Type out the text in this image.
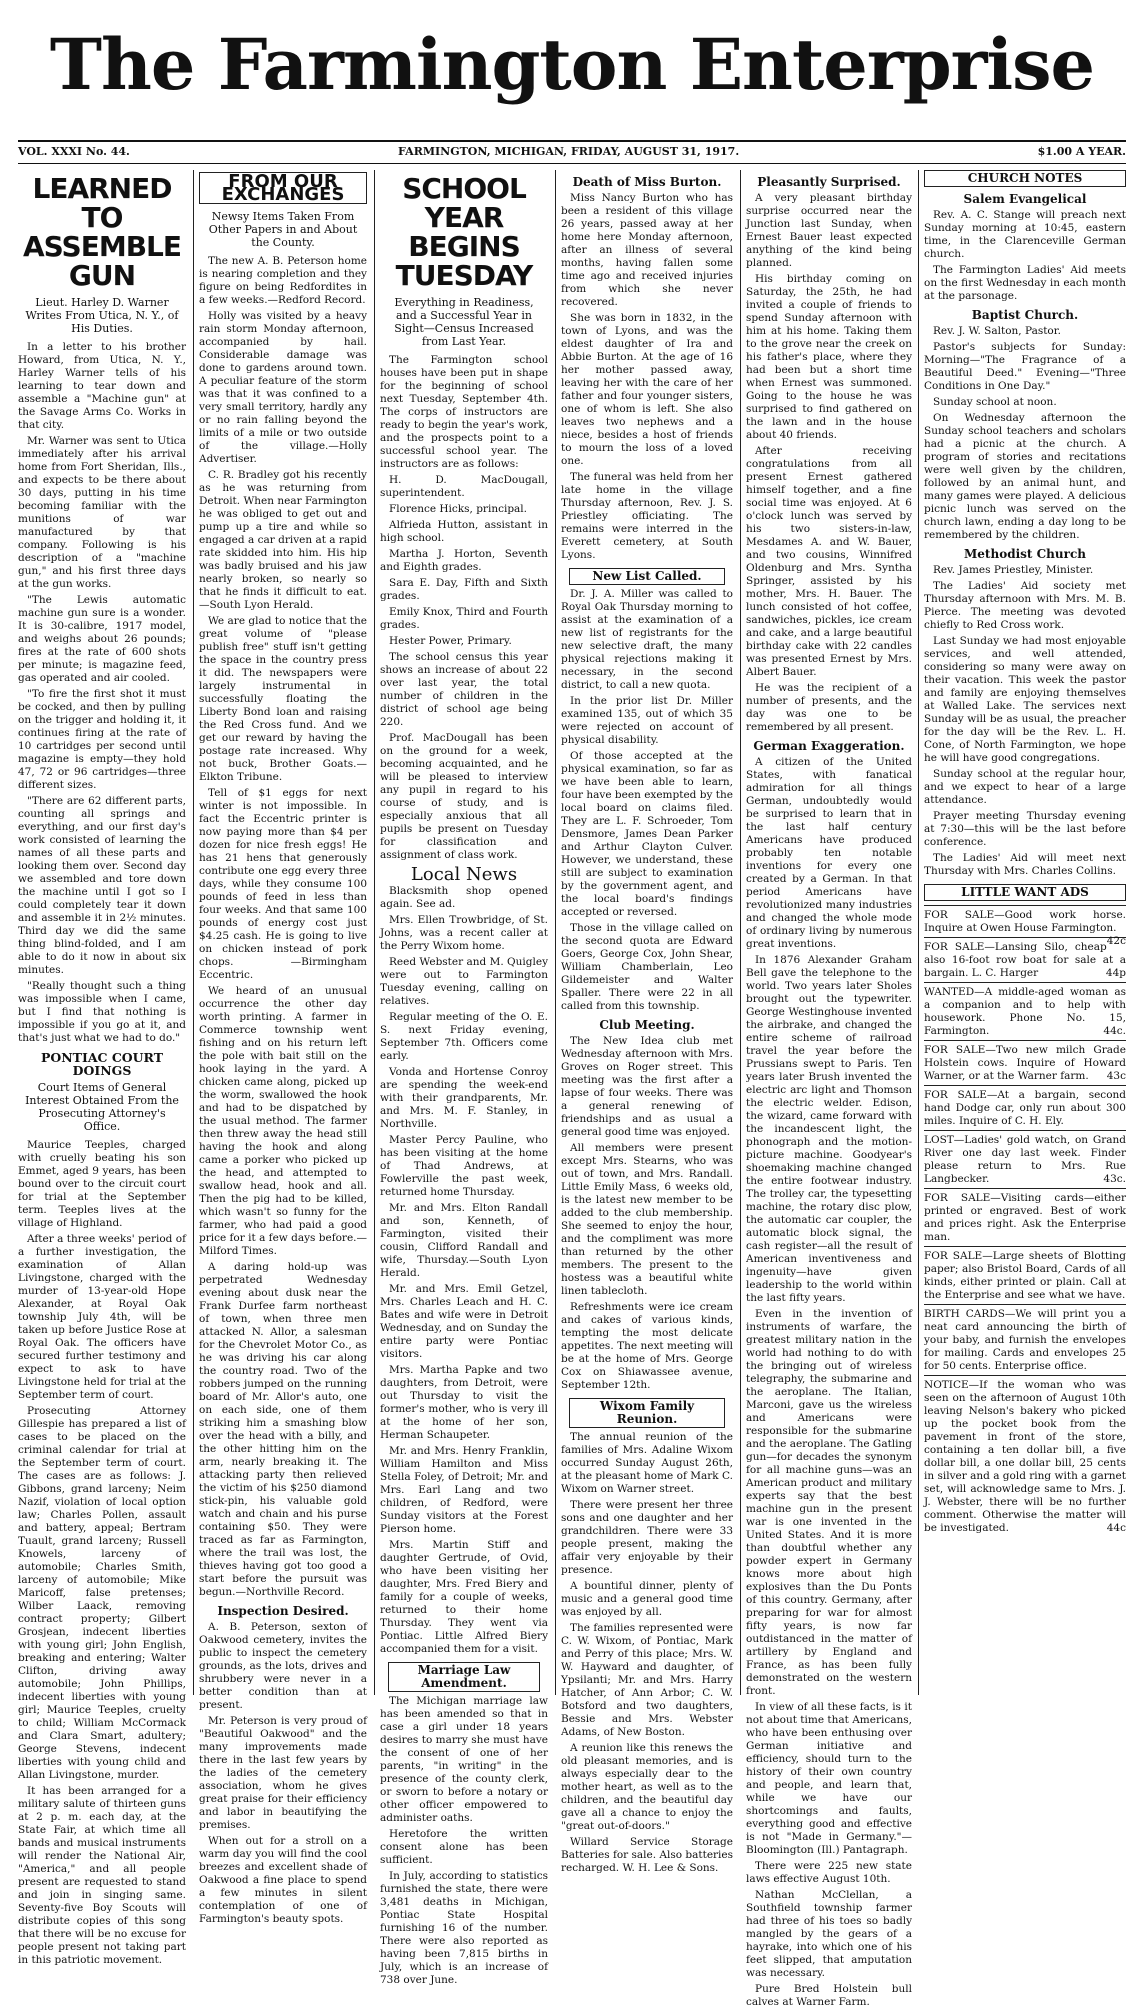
The Farmington Enterprise
VOL. XXXI No. 44.	FARMINGTON, MICHIGAN, FRIDAY, AUGUST 31, 1917.	$1.00 A YEAR.
LEARNED TO ASSEMBLE GUN
Lieut. Harley D. Warner Writes From Utica, N. Y., of His Duties.

In a letter to his brother Howard, from Utica, N. Y., Harley Warner tells of his learning to tear down and assemble a "Machine gun" at the Savage Arms Co. Works in that city.

Mr. Warner was sent to Utica immediately after his arrival home from Fort Sheridan, Ills., and expects to be there about 30 days, putting in his time becoming familiar with the munitions of war manufactured by that company. Following is his description of a "machine gun," and his first three days at the gun works.

"The Lewis automatic machine gun sure is a wonder. It is 30-calibre, 1917 model, and weighs about 26 pounds; fires at the rate of 600 shots per minute; is magazine feed, gas operated and air cooled.

"To fire the first shot it must be cocked, and then by pulling on the trigger and holding it, it continues firing at the rate of 10 cartridges per second until magazine is empty—they hold 47, 72 or 96 cartridges—three different sizes.

"There are 62 different parts, counting all springs and everything, and our first day's work consisted of learning the names of all these parts and looking them over. Second day we assembled and tore down the machine until I got so I could completely tear it down and assemble it in 2½ minutes. Third day we did the same thing blind-folded, and I am able to do it now in about six minutes.

"Really thought such a thing was impossible when I came, but I find that nothing is impossible if you go at it, and that's just what we had to do."

PONTIAC COURT DOINGS
Court Items of General Interest Obtained From the Prosecuting Attorney's Office.

Maurice Teeples, charged with cruelly beating his son Emmet, aged 9 years, has been bound over to the circuit court for trial at the September term. Teeples lives at the village of Highland.

After a three weeks' period of a further investigation, the examination of Allan Livingstone, charged with the murder of 13-year-old Hope Alexander, at Royal Oak township July 4th, will be taken up before Justice Rose at Royal Oak. The officers have secured further testimony and expect to ask to have Livingstone held for trial at the September term of court.

Prosecuting Attorney Gillespie has prepared a list of cases to be placed on the criminal calendar for trial at the September term of court. The cases are as follows: J. Gibbons, grand larceny; Neim Nazif, violation of local option law; Charles Pollen, assault and battery, appeal; Bertram Tuault, grand larceny; Russell Knowels, larceny of automobile; Charles Smith, larceny of automobile; Mike Maricoff, false pretenses; Wilber Laack, removing contract property; Gilbert Grosjean, indecent liberties with young girl; John English, breaking and entering; Walter Clifton, driving away automobile; John Phillips, indecent liberties with young girl; Maurice Teeples, cruelty to child; William McCormack and Clara Smart, adultery; George Stevens, indecent liberties with young child and Allan Livingstone, murder.

It has been arranged for a military salute of thirteen guns at 2 p. m. each day, at the State Fair, at which time all bands and musical instruments will render the National Air, "America," and all people present are requested to stand and join in singing same. Seventy-five Boy Scouts will distribute copies of this song that there will be no excuse for people present not taking part in this patriotic movement.

FROM OUR EXCHANGES
Newsy Items Taken From Other Papers in and About the County.

The new A. B. Peterson home is nearing completion and they figure on being Redfordites in a few weeks.—Redford Record.

Holly was visited by a heavy rain storm Monday afternoon, accompanied by hail. Considerable damage was done to gardens around town. A peculiar feature of the storm was that it was confined to a very small territory, hardly any or no rain falling beyond the limits of a mile or two outside of the village.—Holly Advertiser.

C. R. Bradley got his recently as he was returning from Detroit. When near Farmington he was obliged to get out and pump up a tire and while so engaged a car driven at a rapid rate skidded into him. His hip was badly bruised and his jaw nearly broken, so nearly so that he finds it difficult to eat.—South Lyon Herald.

We are glad to notice that the great volume of "please publish free" stuff isn't getting the space in the country press it did. The newspapers were largely instrumental in successfully floating the Liberty Bond loan and raising the Red Cross fund. And we get our reward by having the postage rate increased. Why not buck, Brother Goats.—Elkton Tribune.

Tell of $1 eggs for next winter is not impossible. In fact the Eccentric printer is now paying more than $4 per dozen for nice fresh eggs! He has 21 hens that generously contribute one egg every three days, while they consume 100 pounds of feed in less than four weeks. And that same 100 pounds of energy cost just $4.25 cash. He is going to live on chicken instead of pork chops. —Birmingham Eccentric.

We heard of an unusual occurrence the other day worth printing. A farmer in Commerce township went fishing and on his return left the pole with bait still on the hook laying in the yard. A chicken came along, picked up the worm, swallowed the hook and had to be dispatched by the usual method. The farmer then threw away the head still having the hook and along came a porker who picked up the head, and attempted to swallow head, hook and all. Then the pig had to be killed, which wasn't so funny for the farmer, who had paid a good price for it a few days before.—Milford Times.

A daring hold-up was perpetrated Wednesday evening about dusk near the Frank Durfee farm northeast of town, when three men attacked N. Allor, a salesman for the Chevrolet Motor Co., as he was driving his car along the country road. Two of the robbers jumped on the running board of Mr. Allor's auto, one on each side, one of them striking him a smashing blow over the head with a billy, and the other hitting him on the arm, nearly breaking it. The attacking party then relieved the victim of his $250 diamond stick-pin, his valuable gold watch and chain and his purse containing $50. They were traced as far as Farmington, where the trail was lost, the thieves having got too good a start before the pursuit was begun.—Northville Record.

Inspection Desired.

A. B. Peterson, sexton of Oakwood cemetery, invites the public to inspect the cemetery grounds, as the lots, drives and shrubbery were never in a better condition than at present.

Mr. Peterson is very proud of "Beautiful Oakwood" and the many improvements made there in the last few years by the ladies of the cemetery association, whom he gives great praise for their efficiency and labor in beautifying the premises.

When out for a stroll on a warm day you will find the cool breezes and excellent shade of Oakwood a fine place to spend a few minutes in silent contemplation of one of Farmington's beauty spots.

SCHOOL YEAR BEGINS TUESDAY
Everything in Readiness, and a Successful Year in Sight—Census Increased from Last Year.

The Farmington school houses have been put in shape for the beginning of school next Tuesday, September 4th. The corps of instructors are ready to begin the year's work, and the prospects point to a successful school year. The instructors are as follows:

H. D. MacDougall, superintendent.

Florence Hicks, principal.

Alfrieda Hutton, assistant in high school.

Martha J. Horton, Seventh and Eighth grades.

Sara E. Day, Fifth and Sixth grades.

Emily Knox, Third and Fourth grades.

Hester Power, Primary.

The school census this year shows an increase of about 22 over last year, the total number of children in the district of school age being 220.

Prof. MacDougall has been on the ground for a week, becoming acquainted, and he will be pleased to interview any pupil in regard to his course of study, and is especially anxious that all pupils be present on Tuesday for classification and assignment of class work.

Local News

Blacksmith shop opened again. See ad.

Mrs. Ellen Trowbridge, of St. Johns, was a recent caller at the Perry Wixom home.

Reed Webster and M. Quigley were out to Farmington Tuesday evening, calling on relatives.

Regular meeting of the O. E. S. next Friday evening, September 7th. Officers come early.

Vonda and Hortense Conroy are spending the week-end with their grandparents, Mr. and Mrs. M. F. Stanley, in Northville.

Master Percy Pauline, who has been visiting at the home of Thad Andrews, at Fowlerville the past week, returned home Thursday.

Mr. and Mrs. Elton Randall and son, Kenneth, of Farmington, visited their cousin, Clifford Randall and wife, Thursday.—South Lyon Herald.

Mr. and Mrs. Emil Getzel, Mrs. Charles Leach and H. C. Bates and wife were in Detroit Wednesday, and on Sunday the entire party were Pontiac visitors.

Mrs. Martha Papke and two daughters, from Detroit, were out Thursday to visit the former's mother, who is very ill at the home of her son, Herman Schaupeter.

Mr. and Mrs. Henry Franklin, William Hamilton and Miss Stella Foley, of Detroit; Mr. and Mrs. Earl Lang and two children, of Redford, were Sunday visitors at the Forest Pierson home.

Mrs. Martin Stiff and daughter Gertrude, of Ovid, who have been visiting her daughter, Mrs. Fred Biery and family for a couple of weeks, returned to their home Thursday. They went via Pontiac. Little Alfred Biery accompanied them for a visit.

Marriage Law Amendment.

The Michigan marriage law has been amended so that in case a girl under 18 years desires to marry she must have the consent of one of her parents, "in writing" in the presence of the county clerk, or sworn to before a notary or other officer empowered to administer oaths.

Heretofore the written consent alone has been sufficient.

In July, according to statistics furnished the state, there were 3,481 deaths in Michigan, Pontiac State Hospital furnishing 16 of the number. There were also reported as having been 7,815 births in July, which is an increase of 738 over June.

Death of Miss Burton.

Miss Nancy Burton who has been a resident of this village 26 years, passed away at her home here Monday afternoon, after an illness of several months, having fallen some time ago and received injuries from which she never recovered.

She was born in 1832, in the town of Lyons, and was the eldest daughter of Ira and Abbie Burton. At the age of 16 her mother passed away, leaving her with the care of her father and four younger sisters, one of whom is left. She also leaves two nephews and a niece, besides a host of friends to mourn the loss of a loved one.

The funeral was held from her late home in the village Thursday afternoon, Rev. J. S. Priestley officiating. The remains were interred in the Everett cemetery, at South Lyons.

New List Called.

Dr. J. A. Miller was called to Royal Oak Thursday morning to assist at the examination of a new list of registrants for the new selective draft, the many physical rejections making it necessary, in the second district, to call a new quota.

In the prior list Dr. Miller examined 135, out of which 35 were rejected on account of physical disability.

Of those accepted at the physical examination, so far as we have been able to learn, four have been exempted by the local board on claims filed. They are L. F. Schroeder, Tom Densmore, James Dean Parker and Arthur Clayton Culver. However, we understand, these still are subject to examination by the government agent, and the local board's findings accepted or reversed.

Those in the village called on the second quota are Edward Goers, George Cox, John Shear, William Chamberlain, Leo Gildemeister and Walter Spaller. There were 22 in all called from this township.

Club Meeting.

The New Idea club met Wednesday afternoon with Mrs. Groves on Roger street. This meeting was the first after a lapse of four weeks. There was a general renewing of friendships and as usual a general good time was enjoyed.

All members were present except Mrs. Stearns, who was out of town, and Mrs. Randall. Little Emily Mass, 6 weeks old, is the latest new member to be added to the club membership. She seemed to enjoy the hour, and the compliment was more than returned by the other members. The present to the hostess was a beautiful white linen tablecloth.

Refreshments were ice cream and cakes of various kinds, tempting the most delicate appetites. The next meeting will be at the home of Mrs. George Cox on Shiawassee avenue, September 12th.

Wixom Family Reunion.

The annual reunion of the families of Mrs. Adaline Wixom occurred Sunday August 26th, at the pleasant home of Mark C. Wixom on Warner street.

There were present her three sons and one daughter and her grandchildren. There were 33 people present, making the affair very enjoyable by their presence.

A bountiful dinner, plenty of music and a general good time was enjoyed by all.

The families represented were C. W. Wixom, of Pontiac, Mark and Perry of this place; Mrs. W. W. Hayward and daughter, of Ypsilanti; Mr. and Mrs. Harry Hatcher, of Ann Arbor; C. W. Botsford and two daughters, Bessie and Mrs. Webster Adams, of New Boston.

A reunion like this renews the old pleasant memories, and is always especially dear to the mother heart, as well as to the children, and the beautiful day gave all a chance to enjoy the "great out-of-doors."

Willard Service Storage Batteries for sale. Also batteries recharged. W. H. Lee & Sons.

Pleasantly Surprised.

A very pleasant birthday surprise occurred near the Junction last Sunday, when Ernest Bauer least expected anything of the kind being planned.

His birthday coming on Saturday, the 25th, he had invited a couple of friends to spend Sunday afternoon with him at his home. Taking them to the grove near the creek on his father's place, where they had been but a short time when Ernest was summoned. Going to the house he was surprised to find gathered on the lawn and in the house about 40 friends.

After receiving congratulations from all present Ernest gathered himself together, and a fine social time was enjoyed. At 6 o'clock lunch was served by his two sisters-in-law, Mesdames A. and W. Bauer, and two cousins, Winnifred Oldenburg and Mrs. Syntha Springer, assisted by his mother, Mrs. H. Bauer. The lunch consisted of hot coffee, sandwiches, pickles, ice cream and cake, and a large beautiful birthday cake with 22 candles was presented Ernest by Mrs. Albert Bauer.

He was the recipient of a number of presents, and the day was one to be remembered by all present.

German Exaggeration.

A citizen of the United States, with fanatical admiration for all things German, undoubtedly would be surprised to learn that in the last half century Americans have produced probably ten notable inventions for every one created by a German. In that period Americans have revolutionized many industries and changed the whole mode of ordinary living by numerous great inventions.

In 1876 Alexander Graham Bell gave the telephone to the world. Two years later Sholes brought out the typewriter. George Westinghouse invented the airbrake, and changed the entire scheme of railroad travel the year before the Prussians swept to Paris. Ten years later Brush invented the electric arc light and Thomson the electric welder. Edison, the wizard, came forward with the incandescent light, the phonograph and the motion-picture machine. Goodyear's shoemaking machine changed the entire footwear industry. The trolley car, the typesetting machine, the rotary disc plow, the automatic car coupler, the automatic block signal, the cash register—all the result of American inventiveness and ingenuity—have given leadership to the world within the last fifty years.

Even in the invention of instruments of warfare, the greatest military nation in the world had nothing to do with the bringing out of wireless telegraphy, the submarine and the aeroplane. The Italian, Marconi, gave us the wireless and Americans were responsible for the submarine and the aeroplane. The Gatling gun—for decades the synonym for all machine guns—was an American product and military experts say that the best machine gun in the present war is one invented in the United States. And it is more than doubtful whether any powder expert in Germany knows more about high explosives than the Du Ponts of this country. Germany, after preparing for war for almost fifty years, is now far outdistanced in the matter of artillery by England and France, as has been fully demonstrated on the western front.

In view of all these facts, is it not about time that Americans, who have been enthusing over German initiative and efficiency, should turn to the history of their own country and people, and learn that, while we have our shortcomings and faults, everything good and effective is not "Made in Germany."—Bloomington (Ill.) Pantagraph.

There were 225 new state laws effective August 10th.

Nathan McClellan, a Southfield township farmer had three of his toes so badly mangled by the gears of a hayrake, into which one of his feet slipped, that amputation was necessary.

Pure Bred Holstein bull calves at Warner Farm.

CHURCH NOTES
Salem Evangelical

Rev. A. C. Stange will preach next Sunday morning at 10:45, eastern time, in the Clarenceville German church.

The Farmington Ladies' Aid meets on the first Wednesday in each month at the parsonage.

Baptist Church.

Rev. J. W. Salton, Pastor.

Pastor's subjects for Sunday: Morning—"The Fragrance of a Beautiful Deed." Evening—"Three Conditions in One Day."

Sunday school at noon.

On Wednesday afternoon the Sunday school teachers and scholars had a picnic at the church. A program of stories and recitations were well given by the children, followed by an animal hunt, and many games were played. A delicious picnic lunch was served on the church lawn, ending a day long to be remembered by the children.

Methodist Church

Rev. James Priestley, Minister.

The Ladies' Aid society met Thursday afternoon with Mrs. M. B. Pierce. The meeting was devoted chiefly to Red Cross work.

Last Sunday we had most enjoyable services, and well attended, considering so many were away on their vacation. This week the pastor and family are enjoying themselves at Walled Lake. The services next Sunday will be as usual, the preacher for the day will be the Rev. L. H. Cone, of North Farmington, we hope he will have good congregations.

Sunday school at the regular hour, and we expect to hear of a large attendance.

Prayer meeting Thursday evening at 7:30—this will be the last before conference.

The Ladies' Aid will meet next Thursday with Mrs. Charles Collins.

LITTLE WANT ADS

FOR SALE—Good work horse. Inquire at Owen House Farmington.
42c

FOR SALE—Lansing Silo, cheap also 16-foot row boat for sale at a bargain. L. C. Harger	44p

WANTED—A middle-aged woman as a companion and to help with housework. Phone No. 15, Farmington.	44c.

FOR SALE—Two new milch Grade Holstein cows. Inquire of Howard Warner, or at the Warner farm. 43c

FOR SALE—At a bargain, second hand Dodge car, only run about 300 miles. Inquire of C. H. Ely.

LOST—Ladies' gold watch, on Grand River one day last week. Finder please return to Mrs. Rue Langbecker.	43c.

FOR SALE—Visiting cards—either printed or engraved. Best of work and prices right. Ask the Enterprise man.

FOR SALE—Large sheets of Blotting paper; also Bristol Board, Cards of all kinds, either printed or plain. Call at the Enterprise and see what we have.

BIRTH CARDS—We will print you a neat card announcing the birth of your baby, and furnish the envelopes for mailing. Cards and envelopes 25 for 50 cents. Enterprise office.

NOTICE—If the woman who was seen on the afternoon of August 10th leaving Nelson's bakery who picked up the pocket book from the pavement in front of the store, containing a ten dollar bill, a five dollar bill, a one dollar bill, 25 cents in silver and a gold ring with a garnet set, will acknowledge same to Mrs. J. J. Webster, there will be no further comment. Otherwise the matter will be investigated.	44c
